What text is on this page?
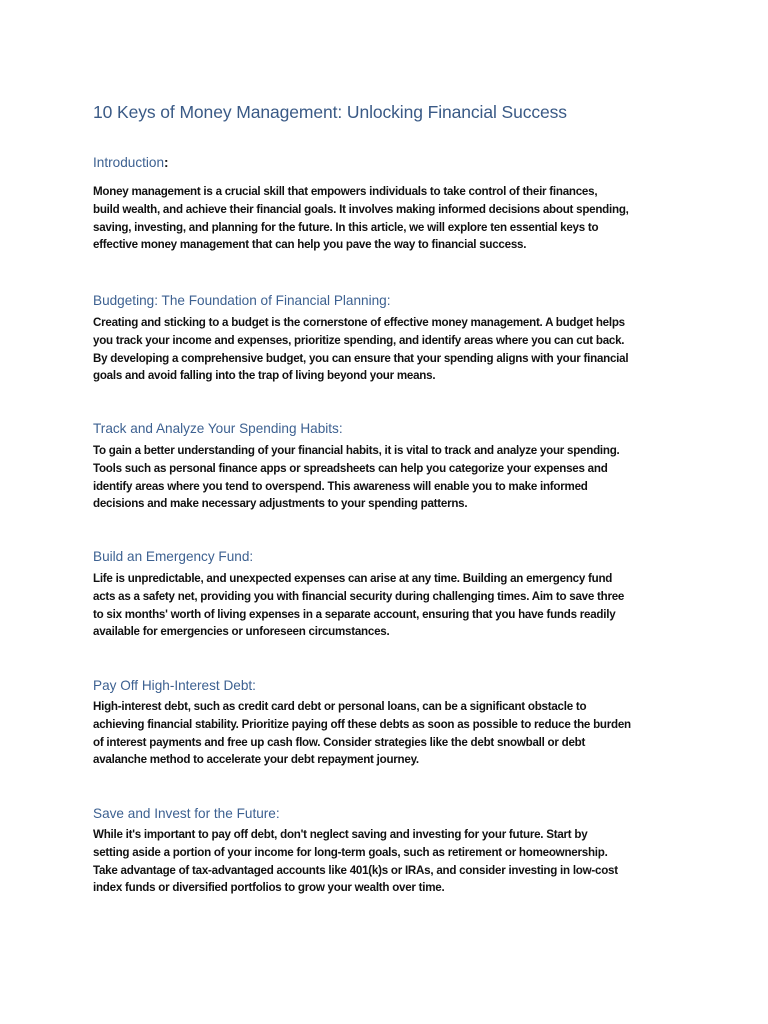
10 Keys of Money Management: Unlocking Financial Success
Introduction:

Money management is a crucial skill that empowers individuals to take control of their finances,
build wealth, and achieve their financial goals. It involves making informed decisions about spending,
saving, investing, and planning for the future. In this article, we will explore ten essential keys to
effective money management that can help you pave the way to financial success.

Budgeting: The Foundation of Financial Planning:

Creating and sticking to a budget is the cornerstone of effective money management. A budget helps
you track your income and expenses, prioritize spending, and identify areas where you can cut back.
By developing a comprehensive budget, you can ensure that your spending aligns with your financial
goals and avoid falling into the trap of living beyond your means.

Track and Analyze Your Spending Habits:

To gain a better understanding of your financial habits, it is vital to track and analyze your spending.
Tools such as personal finance apps or spreadsheets can help you categorize your expenses and
identify areas where you tend to overspend. This awareness will enable you to make informed
decisions and make necessary adjustments to your spending patterns.

Build an Emergency Fund:

Life is unpredictable, and unexpected expenses can arise at any time. Building an emergency fund
acts as a safety net, providing you with financial security during challenging times. Aim to save three
to six months' worth of living expenses in a separate account, ensuring that you have funds readily
available for emergencies or unforeseen circumstances.

Pay Off High-Interest Debt:

High-interest debt, such as credit card debt or personal loans, can be a significant obstacle to
achieving financial stability. Prioritize paying off these debts as soon as possible to reduce the burden
of interest payments and free up cash flow. Consider strategies like the debt snowball or debt
avalanche method to accelerate your debt repayment journey.

Save and Invest for the Future:

While it's important to pay off debt, don't neglect saving and investing for your future. Start by
setting aside a portion of your income for long-term goals, such as retirement or homeownership.
Take advantage of tax-advantaged accounts like 401(k)s or IRAs, and consider investing in low-cost
index funds or diversified portfolios to grow your wealth over time.
